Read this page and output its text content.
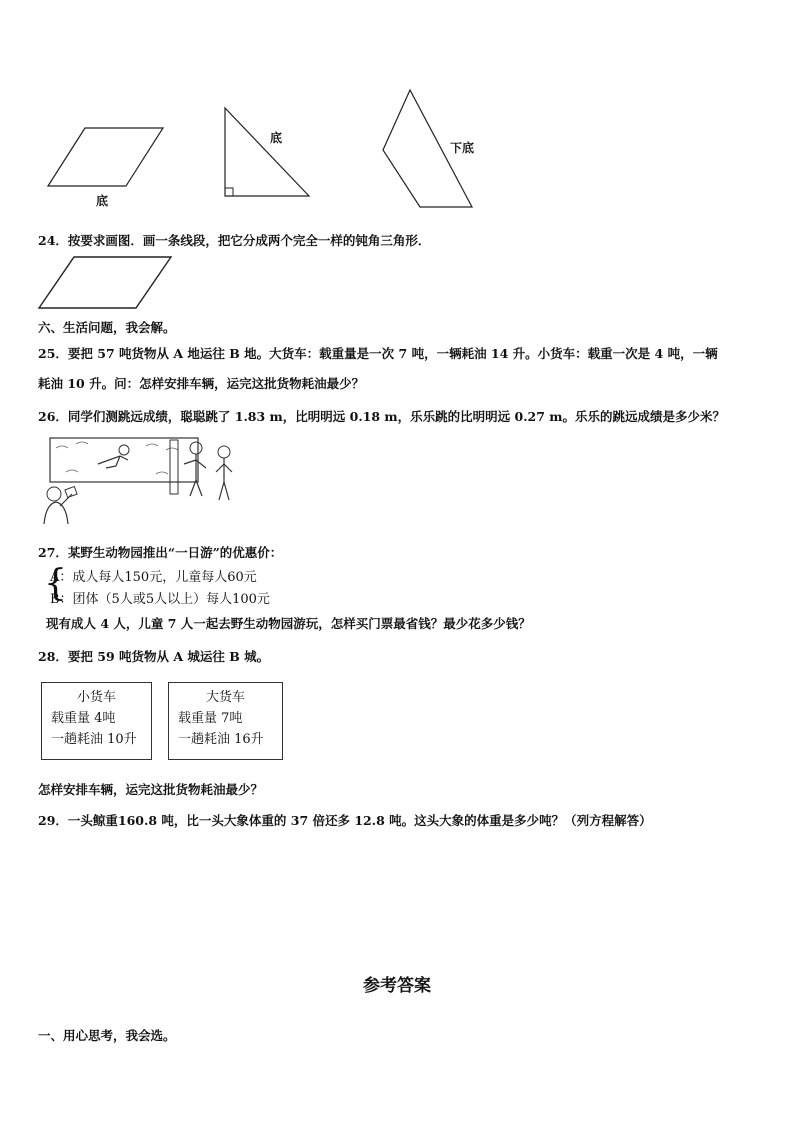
底
底
下底
24．按要求画图．画一条线段，把它分成两个完全一样的钝角三角形．
六、生活问题，我会解。
25．要把 57 吨货物从 A 地运往 B 地。大货车：载重量是一次 7 吨，一辆耗油 14 升。小货车：载重一次是 4 吨，一辆
耗油 10 升。问：怎样安排车辆，运完这批货物耗油最少？
26．同学们测跳远成绩，聪聪跳了 1.83 m，比明明远 0.18 m，乐乐跳的比明明远 0.27 m。乐乐的跳远成绩是多少米？
27．某野生动物园推出“一日游”的优惠价：
{
A：成人每人150元，儿童每人60元
B：团体（5人或5人以上）每人100元
现有成人 4 人，儿童 7 人一起去野生动物园游玩，怎样买门票最省钱？最少花多少钱？
28．要把 59 吨货物从 A 城运往 B 城。
小货车
载重量 4吨
一趟耗油 10升
大货车
载重量 7吨
一趟耗油 16升
怎样安排车辆，运完这批货物耗油最少？
29．一头鲸重160.8 吨，比一头大象体重的 37 倍还多 12.8 吨。这头大象的体重是多少吨？（列方程解答）
参考答案
一、用心思考，我会选。
